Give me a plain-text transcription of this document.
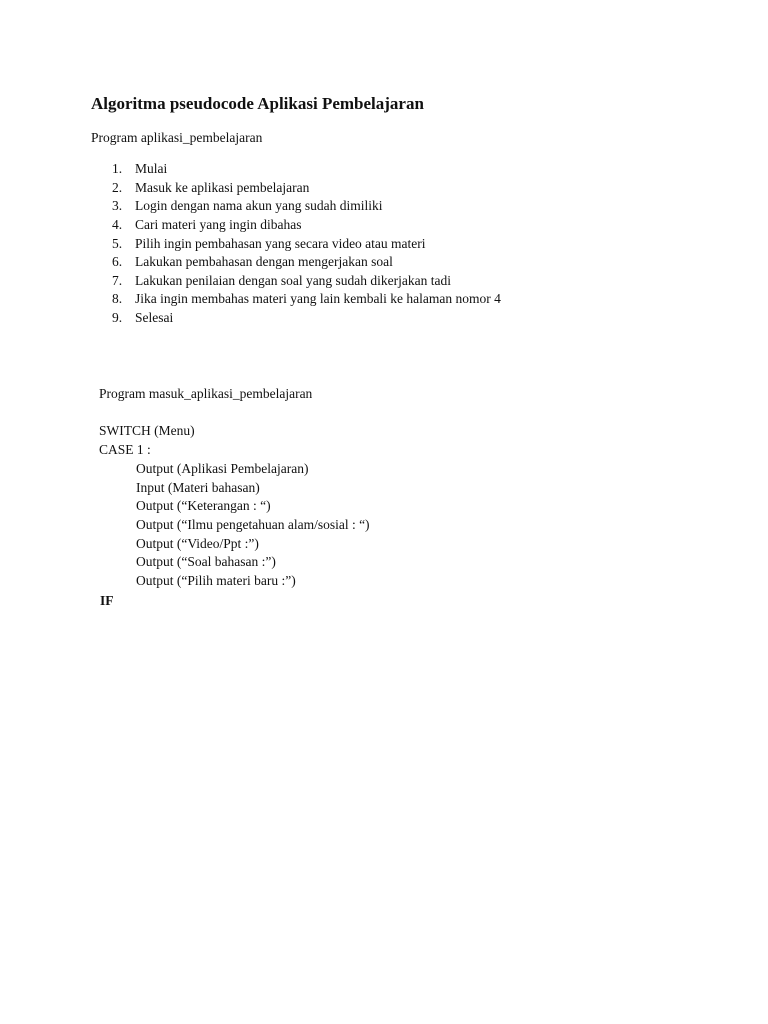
Algoritma pseudocode Aplikasi Pembelajaran
Program aplikasi_pembelajaran
1. Mulai
2. Masuk ke aplikasi pembelajaran
3. Login dengan nama akun yang sudah dimiliki
4. Cari materi yang ingin dibahas
5. Pilih ingin pembahasan yang secara video atau materi
6. Lakukan pembahasan dengan mengerjakan soal
7. Lakukan penilaian dengan soal yang sudah dikerjakan tadi
8. Jika ingin membahas materi yang lain kembali ke halaman nomor 4
9. Selesai
Program masuk_aplikasi_pembelajaran
SWITCH (Menu)
CASE 1 :
Output (Aplikasi Pembelajaran)
Input (Materi bahasan)
Output (“Keterangan : “)
Output (“Ilmu pengetahuan alam/sosial : “)
Output (“Video/Ppt :”)
Output (“Soal bahasan :”)
Output (“Pilih materi baru :”)
IF
